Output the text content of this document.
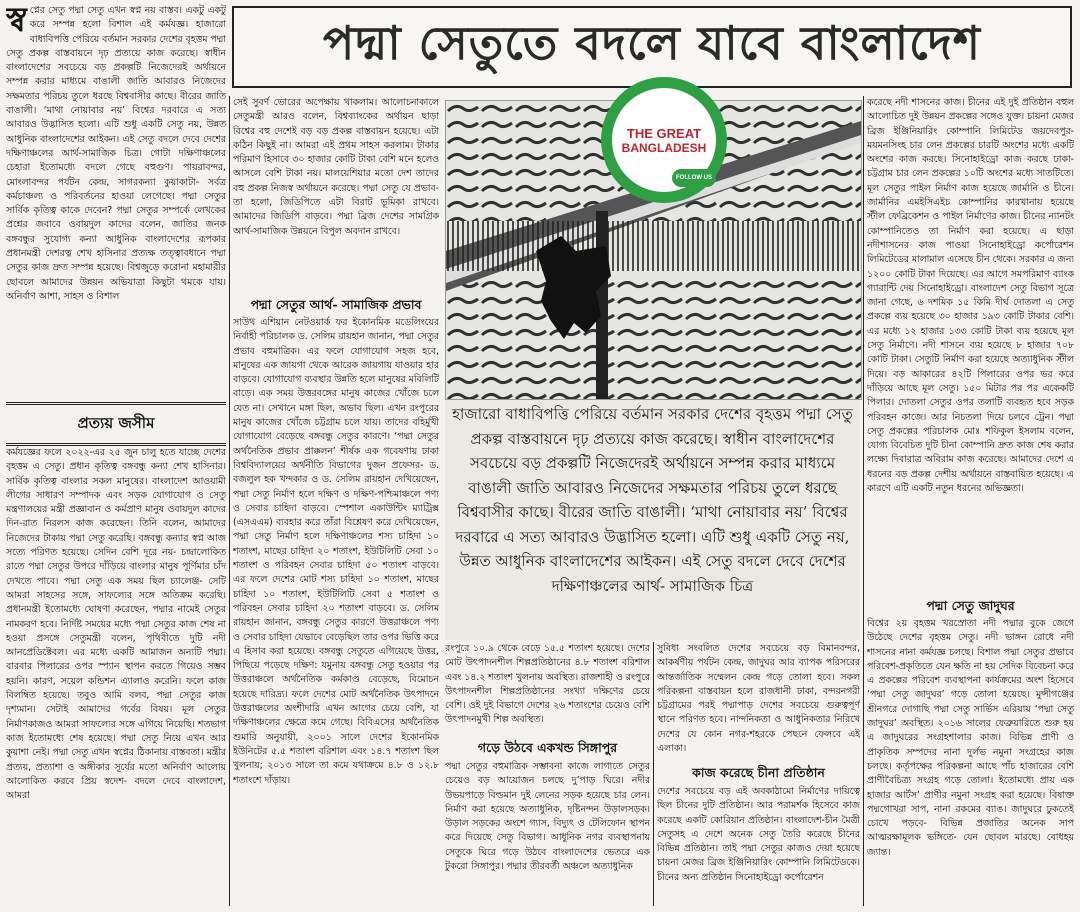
পদ্মা সেতুতে বদলে যাবে বাংলাদেশ
স্ব প্নের সেতু পদ্মা সেতু এখন স্বপ্ন নয় বাস্তব। একটু একটু করে সম্পন্ন হলো বিশাল এই কর্মযজ্ঞ। হাজারো বাধাবিপত্তি পেরিয়ে বর্তমান সরকার দেশের বৃহত্তম পদ্মা সেতু প্রকল্প বাস্তবায়নে দৃঢ় প্রত্যয়ে কাজ করেছে। স্বাধীন বাংলাদেশের সবচেয়ে বড় প্রকল্পটি নিজেদেরই অর্থায়নে সম্পন্ন করার মাধ্যমে বাঙালী জাতি আবারও নিজেদের সক্ষমতার পরিচয় তুলে ধরছে বিশ্ববাসীর কাছে। বীরের জাতি বাঙালী। ‘মাথা নোয়াবার নয়’ বিশ্বের দরবারে এ সত্য আবারও উদ্ভাসিত হলো। এটি শুধু একটি সেতু নয়, উন্নত আধুনিক বাংলাদেশের আইকন। এই সেতু বদলে দেবে দেশের দক্ষিণাঞ্চলের আর্থ-সামাজিক চিত্র। গোটা দক্ষিণাঞ্চলের চেহারা ইতোমধ্যে বদলে গেছে বহুগুণ। পায়রাবন্দর, মোংলাবন্দর পর্যটন কেন্দ্র, সাগরকন্যা কুয়াকাটা- সর্বত্র কর্মচাঞ্চল্য ও পরিবর্তনের হাওয়া লেগেছে। পদ্মা সেতুর সার্বিক কৃতিত্ব কাকে দেবেন? পদ্মা সেতুর সম্পর্কে লেখকের প্রশ্নের জবাবে ওবায়দুল কাদের বলেন, জাতির জনক বঙ্গবন্ধুর সুযোগ্য কন্যা আধুনিক বাংলাদেশের রূপকার প্রধানমন্ত্রী দেশরত্ন শেখ হাসিনার প্রত্যক্ষ তত্ত্বাবধানে পদ্মা সেতুর কাজ দ্রুত সম্পন্ন হয়েছে। বিশ্বজুড়ে করোনা মহামারীর ছোবলে আমাদের উন্নয়ন অভিযাত্রা কিছুটা থমকে যায়। অনির্বাণ আশা, সাহস ও বিশাল

প্রত্যয় জসীম

কর্মযজ্ঞের ফলে ২০২২-এর ২৫ জুন চালু হতে যাচ্ছে দেশের বৃহত্তম এ সেতু। প্রধান কৃতিত্ব বঙ্গবন্ধু কন্যা শেখ হাসিনার। সার্বিক কৃতিত্ব বাংলার সকল মানুষের। বাংলাদেশ আওয়ামী লীগের সাধারণ সম্পাদক এবং সড়ক যোগাযোগ ও সেতু মন্ত্রণালয়ের মন্ত্রী প্রজ্ঞাবান ও কর্মপ্রাণ মানুষ ওবায়দুল কাদের দিন-রাত নিরলস কাজ করেছেন। তিনি বলেন, আমাদের নিজেদের টাকায় পদ্মা সেতু করেছি। বঙ্গবন্ধু কন্যার স্বপ্ন আজ সত্যে পরিণত হয়েছে। সেদিন বেশি দূরে নয়- চন্দ্রালোকিত রাতে পদ্মা সেতুর উপরে দাঁড়িয়ে বাংলার মানুষ পূর্ণিমার চাঁদ দেখতে পাবে। পদ্মা সেতু এক সময় ছিল চ্যালেঞ্জ- সেটি আমরা সাহসের সঙ্গে, সাফল্যের সঙ্গে অতিক্রম করেছি। প্রধানমন্ত্রী ইতোমধ্যে ঘোষণা করেছেন, পদ্মার নামেই সেতুর নামকরণ হবে। নির্দিষ্ট সময়ের মধ্যে পদ্মা সেতুর কাজ শেষ না হওয়া প্রসঙ্গে সেতুমন্ত্রী বলেন, পৃথিবীতে দুটি নদী আনপ্রেডিক্টেবল। এর মধ্যে একটি আমাজন অন্যটি পদ্মা। বারবার পিলারের ওপর স্প্যান স্থাপন করতে গিয়েও সম্ভব হয়নি। কারণ, সয়েল কন্ডিশন এ্যালাও করেনি। ফলে কাজ বিলম্বিত হয়েছে। তবুও আমি বলব, পদ্মা সেতুর কাজ দৃশ্যমান। সেটাই আমাদের গর্বের বিষয়। মূল সেতুর নির্মাণকাজও আমরা সাফল্যের সঙ্গে এগিয়ে নিয়েছি। শতভাগ কাজ ইতোমধ্যে শেষ হয়েছে। পদ্মা সেতু নিয়ে এখন আর কুয়াশা নেই। পদ্মা সেতু এখন স্বপ্নের ঠিকানায় বাস্তবতা। মন্ত্রীর প্রত্যয়, প্রত্যাশা ও অঙ্গীকার সূর্যের মতো অনির্বাণ আলোয় আলোকিত করবে প্রিয় স্বদেশ- বদলে দেবে বাংলাদেশ, আমরা

সেই সুবর্ণ ভোরের অপেক্ষায় থাকলাম। আলোচনাকালে সেতুমন্ত্রী আরও বলেন, বিশ্বব্যাংকের অর্থায়ন ছাড়া বিশ্বের বহু দেশেই বড় বড় প্রকল্প বাস্তবায়ন হয়েছে। এটা কঠিন কিছুই না। আমরা এই প্রথম সাহস করলাম। টাকার পরিমাণ হিসাবে ৩০ হাজার কোটি টাকা বেশি মনে হলেও আসলে বেশি টাকা নয়। মালয়েশিয়ার মতো দেশ তাদের বহু প্রকল্প নিজস্ব অর্থায়নে করেছে। পদ্মা সেতু যে প্রভাব- তা হলো, জিডিপিতে এটা বিরাট ভূমিকা রাখবে। আমাদের জিডিপি বাড়বে। পদ্মা ব্রিজ দেশের সামগ্রিক আর্থ-সামাজিক উন্নয়নে বিপুল অবদান রাখবে।

পদ্মা সেতুর আর্থ- সামাজিক প্রভাব

সাউথ এশিয়ান নেটওয়ার্ক ফর ইকোনমিক মডেলিংয়ের নির্বাহী পরিচালক ড. সেলিম রায়হান জানান, পদ্মা সেতুর প্রভাব বহুমাত্রিক। এর ফলে যোগাযোগ সহজ হবে, মানুষের এক জায়গা থেকে আরেক জায়গায় যাওয়ার হার বাড়বে। যোগাযোগ ব্যবস্থার উন্নতি হলে মানুষের মবিলিটি বাড়ে। এক সময় উত্তরবঙ্গের মানুষ কাজের খোঁজে চলে যেত না। সেখানে মঙ্গা ছিল, অভাব ছিল। এখন রংপুরের মানুষ কাজের খোঁজে চট্টগ্রাম চলে যায়। তাদের বহির্মুখী যোগাযোগ বেড়েছে বঙ্গবন্ধু সেতুর কারণে। ‘পদ্মা সেতুর অর্থনৈতিক প্রভাব প্রাক্কলন’ শীর্ষক এক গবেষণায় ঢাকা বিশ্ববিদ্যালয়ের অর্থনীতি বিভাগের দুজন প্রফেসর- ড. বজলুল হক খন্দকার ও ড. সেলিম রায়হান দেখিয়েছেন, পদ্মা সেতু নির্মাণ হলে দক্ষিণ ও দক্ষিণ-পশ্চিমাঞ্চলে পণ্য ও সেবার চাহিদা বাড়বে। স্পেশাল একাউন্টিং ম্যাট্রিক্স (এসএএম) ব্যবহার করে তাঁরা বিশ্লেষণ করে দেখিয়েছেন, পদ্মা সেতু নির্মাণ হলে দক্ষিণাঞ্চলের শস্য চাহিদা ১০ শতাংশ, মাছের চাহিদা ২০ শতাংশ, ইউটিলিটি সেবা ১০ শতাংশ ও পরিবহন সেবার চাহিদা ৫০ শতাংশ বাড়বে। এর ফলে দেশের মোট শস্য চাহিদা ১০ শতাংশ, মাছের চাহিদা ১০ শতাংশ, ইউটিলিটি সেবা ৫ শতাংশ ও পরিবহন সেবার চাহিদা ২০ শতাংশ বাড়বে। ড. সেলিম রায়হান জানান, বঙ্গবন্ধু সেতুর কারণে উত্তরাঞ্চলে পণ্য ও সেবার চাহিদা যেভাবে বেড়েছিল তার ওপর ভিত্তি করে এ হিসাব করা হয়েছে। বঙ্গবন্ধু সেতুতে এগিয়েছে উত্তর, পিছিয়ে পড়েছে দক্ষিণ: যমুনায় বঙ্গবন্ধু সেতু হওয়ার পর উত্তরাঞ্চলে অর্থনৈতিক কর্মকাণ্ড বেড়েছে, বিমোচন হয়েছে দারিদ্র্য। ফলে দেশের মোট অর্থনৈতিক উৎপাদনে উত্তরাঞ্চলের অংশীদারি এখন আগের চেয়ে বেশি, যা দক্ষিণাঞ্চলের ক্ষেত্রে কমে গেছে। বিবিএসের অর্থনৈতিক শুমারি অনুযায়ী, ২০০১ সালে দেশের ইকোনমিক ইউনিটের ৫.৫ শতাংশ বরিশাল এবং ১৪.৭ শতাংশ ছিল খুলনায়; ২০১৩ সালে তা কমে যথাক্রমে ৪.৮ ও ১২.৮ শতাংশে দাঁড়ায়।

THE GREAT
BANGLADESH
FOLLOW US
হাজারো বাধাবিপত্তি পেরিয়ে বর্তমান সরকার দেশের বৃহত্তম পদ্মা সেতু প্রকল্প বাস্তবায়নে দৃঢ় প্রত্যয়ে কাজ করেছে। স্বাধীন বাংলাদেশের সবচেয়ে বড় প্রকল্পটি নিজেদেরই অর্থায়নে সম্পন্ন করার মাধ্যমে বাঙালী জাতি আবারও নিজেদের সক্ষমতার পরিচয় তুলে ধরছে বিশ্ববাসীর কাছে। বীরের জাতি বাঙালী। ‘মাথা নোয়াবার নয়’ বিশ্বের দরবারে এ সত্য আবারও উদ্ভাসিত হলো। এটি শুধু একটি সেতু নয়, উন্নত আধুনিক বাংলাদেশের আইকন। এই সেতু বদলে দেবে দেশের দক্ষিণাঞ্চলের আর্থ- সামাজিক চিত্র

রংপুরে ১০.৯ থেকে বেড়ে ১৫.৫ শতাংশ হয়েছে। দেশের মোট উৎপাদনশীল শিল্পপ্রতিষ্ঠানের ৪.৮ শতাংশ বরিশাল এবং ১৪.২ শতাংশ খুলনায় অবস্থিত। রাজশাহী ও রংপুরে উৎপাদনশীল শিল্পপ্রতিষ্ঠানের সংখ্যা দক্ষিণের চেয়ে বেশি। ওই দুই বিভাগে দেশের ২৬ শতাংশের চেয়েও বেশি উৎপাদনমুখী শিল্প অবস্থিত।

গড়ে উঠবে একখন্ড সিঙ্গাপুর

পদ্মা সেতুর বহুমাত্রিক সম্ভাবনা কাজে লাগাতে সেতুর চেয়েও বড় আয়োজন চলছে দু’পাড় ঘিরে। নদীর উভয়পাড়ে বিল্ডমান দুই লেনের সড়ক হয়েছে চার লেন। নির্মাণ করা হয়েছে অত্যাধুনিক, দৃষ্টিনন্দন উড়ালসড়ক। উড়াল সড়কের অংশে গ্যাস, বিদ্যুৎ ও টেলিফোন স্থাপন করে দিয়েছে সেতু বিভাগ। আধুনিক নগর ব্যবস্থাপনায় সেতুকে ঘিরে গড়ে উঠবে বাংলাদেশের ভেতরে এক টুকরো সিঙ্গাপুর। পদ্মার তীরবর্তী অঞ্চলে অত্যাধুনিক

সুবিধা সংবলিত দেশের সবচেয়ে বড় বিমানবন্দর, আকর্ষণীয় পর্যটন কেন্দ্র, জাদুঘর আর ব্যাপক পরিসরের আন্তর্জাতিক সম্মেলন কেন্দ্র গড়ে তোলা হবে। সকল পরিকল্পনা বাস্তবায়ন হলে রাজধানী ঢাকা, বন্দরনগরী চট্টগ্রামের পরই পদ্মাপাড় দেশের সবচেয়ে গুরুত্বপূর্ণ স্থানে পরিণত হবে। নান্দনিকতা ও আধুনিকতার নিরিখে দেশের যে কোন নগর-শহরকে পেছনে ফেলবে এই এলাকা।

কাজ করেছে চীনা প্রতিষ্ঠান

দেশের সবচেয়ে বড় এই অবকাঠামো নির্মাণের দায়িত্বে ছিল চীনের দুটি প্রতিষ্ঠান। আর পরামর্শক হিসেবে কাজ করেছে একটি কোরিয়ান প্রতিষ্ঠান। বাংলাদেশ-চীন মৈত্রী সেতুসহ এ দেশে অনেক সেতু তৈরি করেছে চীনের বিভিন্ন প্রতিষ্ঠান। তাই পদ্মা সেতুর কাজও দেয়া হয়েছে চায়না মেজর ব্রিজ ইঞ্জিনিয়ারিং কোম্পানি লিমিটেডকে। চীনের অন্য প্রতিষ্ঠান সিনোহাইড্রো কর্পোরেশন

করেছে নদী শাসনের কাজ। চীনের এই দুই প্রতিষ্ঠান বহুল আলোচিত দুই উন্নয়ন প্রকল্পের সঙ্গেও যুক্ত। চায়না মেজর ব্রিজ ইঞ্জিনিয়ারিং কোম্পানি লিমিটেড জয়দেবপুর-ময়মনসিংহ চার লেন প্রকল্পের চারটি অংশের মধ্যে একটি অংশের কাজ করছে। সিনোহাইড্রো কাজ করছে ঢাকা-চট্টগ্রাম চার লেন প্রকল্পের ১০টি অংশের মধ্যে সাতটিতে। মূল সেতুর পাইল নির্মাণ কাজ হয়েছে জার্মানি ও চীনে। জার্মানির এমইসিএইচ কোম্পানির কারখানায় হয়েছে স্টীল ফেব্রিকেশন ও পাইল নির্মাণের কাজ। চীনের ন্যানটং কোম্পানিতেও তা নির্মাণ করা হয়েছে। এ ছাড়া নদীশাসনের কাজ পাওয়া সিনোহাইড্রো কর্পোরেশন লিমিটেডের মালামাল এসেছে চীন থেকে। সরকার এ জন্য ১২০০ কোটি টাকা দিয়েছে। এর আগে সমপরিমাণ ব্যাংক গ্যারান্টি দেয় সিনোহাইড্রো। বাংলাদেশ সেতু বিভাগ সূত্রে জানা গেছে, ৬ দশমিক ১৫ কিমি দীর্ঘ দোতলা এ সেতু প্রকল্পে ব্যয় হয়েছে ৩০ হাজার ১৯৩ কোটি টাকার বেশি। এর মধ্যে ১২ হাজার ১৩৩ কোটি টাকা ব্যয় হয়েছে মূল সেতু নির্মাণে। নদী শাসনে ব্যয় হয়েছে ৮ হাজার ৭০৮ কোটি টাকা। সেতুটি নির্মাণ করা হয়েছে অত্যাধুনিক স্টীল দিয়ে। বড় আকারের ৪২টি পিলারের ওপর ভর করে দাঁড়িয়ে আছে মূল সেতু। ১৫০ মিটার পর পর একেকটি পিলার। দোতলা সেতুর ওপর তলাটি ব্যবহৃত হবে সড়ক পরিবহন কাজে। আর নিচতলা দিয়ে চলবে ট্রেন। পদ্মা সেতু প্রকল্পের পরিচালক মোঃ শফিকুল ইসলাম বলেন, যোগ্য বিবেচিত দুটি চীনা কোম্পানি দ্রুত কাজ শেষ করার লক্ষ্যে দিবারাত্র অবিরাম কাজ করেছে। আমাদের দেশে এ ধরনের বড় প্রকল্প দেশীয় অর্থায়নে বাস্তবায়িত হয়েছে। এ কারণে এটি একটি নতুন ধরনের অভিজ্ঞতা।

পদ্মা সেতু জাদুঘর

বিশ্বের ২য় বৃহত্তম খরস্রোতা নদী পদ্মার বুকে জেগে উঠেছে দেশের বৃহত্তম সেতু। নদী ভাঙ্গন রোধে নদী শাসনের নানা কর্মযজ্ঞ চলছে। বিশাল পদ্মা সেতুর প্রভাবে পরিবেশ-প্রকৃতিতে যেন ক্ষতি না হয় সেদিক বিবেচনা করে এ প্রকল্পের পরিবেশ ব্যবস্থাপনা কার্যক্রমের অংশ হিসেবে ‘পদ্মা সেতু জাদুঘর’ গড়ে তোলা হয়েছে। মুন্সীগঞ্জের শ্রীনগরে দোগাছি পদ্মা সেতু সার্ভিস এরিয়ায় ‘পদ্মা সেতু জাদুঘর’ অবস্থিত। ২০১৬ সালের ফেব্রুয়ারিতে শুরু হয় এ জাদুঘরের সংগ্রহশালার কাজ। বিভিন্ন প্রাণী ও প্রাকৃতিক সম্পদের নানা দুর্লভ নমুনা সংগ্রহের কাজ চলছে। কর্তৃপক্ষের পরিকল্পনা আছে পাঁচ হাজারের বেশি প্রাণীবৈচিত্র্য সংগ্রহ গড়ে তোলা। ইতোমধ্যে প্রায় এক হাজার আর্টস’ প্রাণীর নমুনা সংগ্রহ করা হয়েছে। বিষাক্ত পদ্মগোখরা সাপ, নানা রকমের ব্যাঙ। জাদুঘরে ঢুকতেই চোখে পড়বে- বিভিন্ন প্রজাতির অনেক সাপ আত্মরক্ষামূলক ভঙ্গিতে- যেন ছোবল মারছে। বোধহয় জ্যান্ত।
